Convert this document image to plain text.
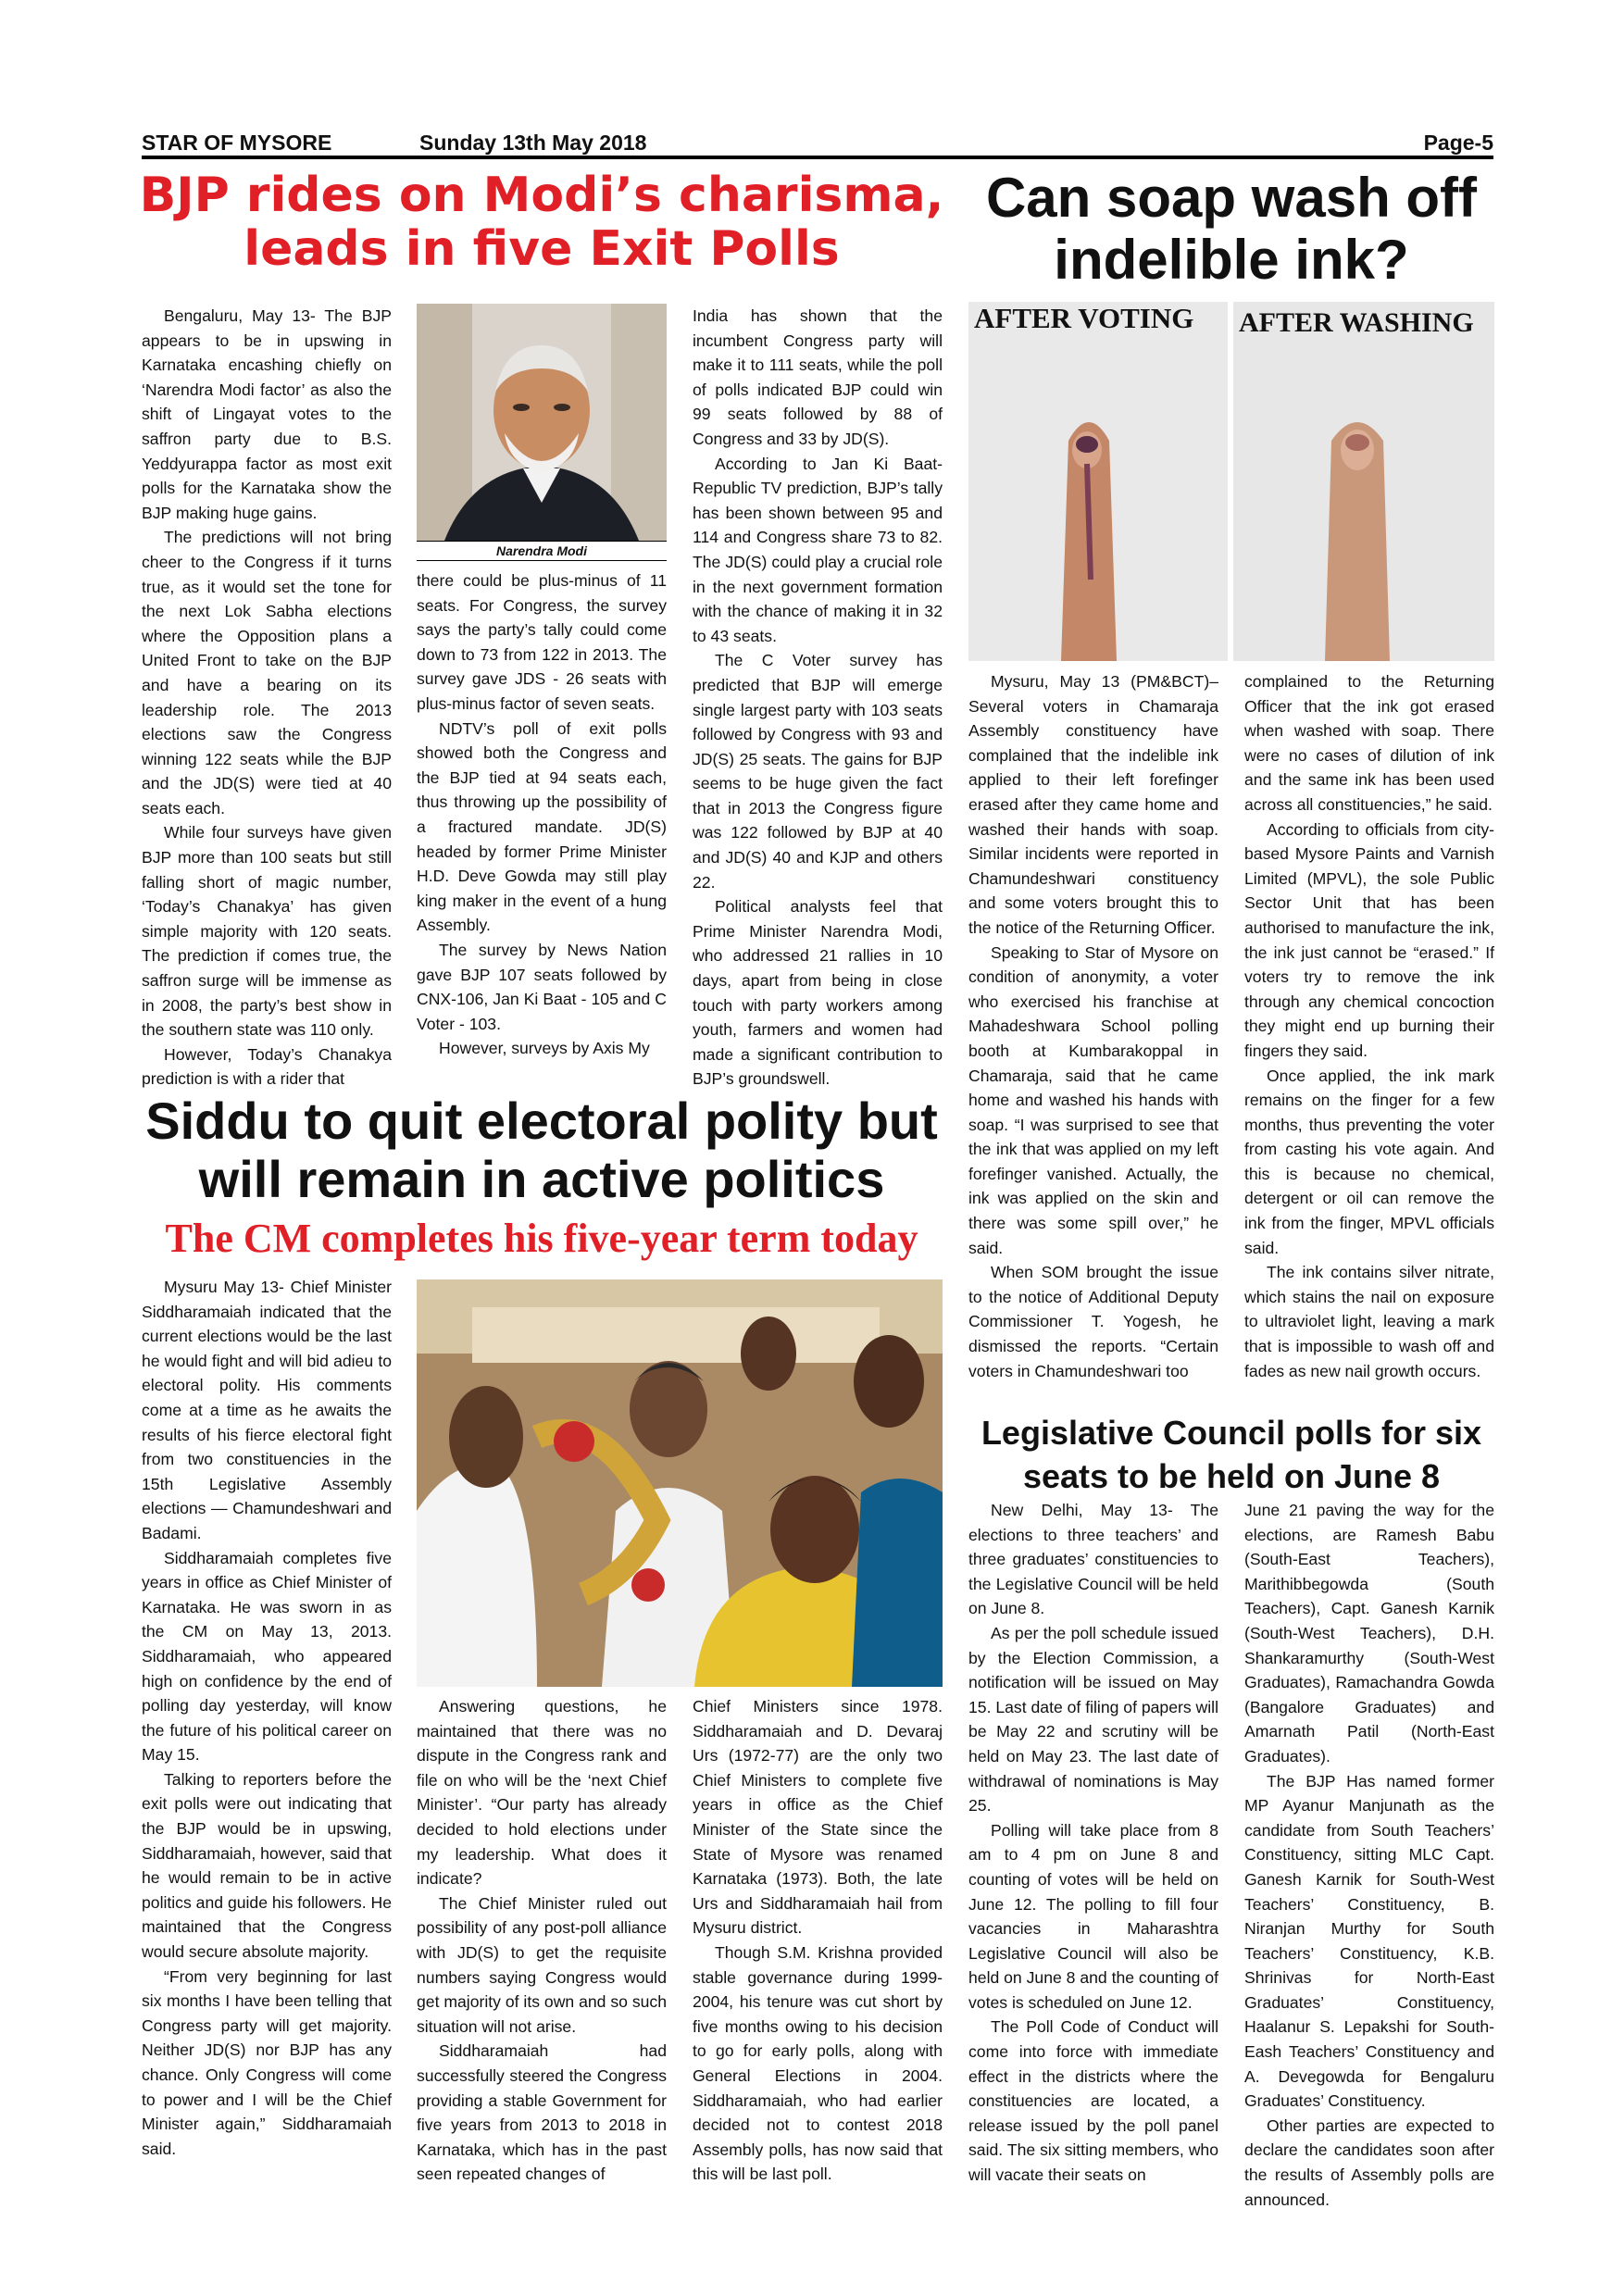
STAR OF MYSORE	Sunday 13th May 2018	Page-5
BJP rides on Modi’s charisma,
leads in five Exit Polls
Can soap wash off
indelible ink?

Bengaluru, May 13- The BJP appears to be in upswing in Karnataka encashing chiefly on ‘Narendra Modi factor’ as also the shift of Lingayat votes to the saffron party due to B.S. Yeddyurappa factor as most exit polls for the Karnataka show the BJP making huge gains.

The predictions will not bring cheer to the Congress if it turns true, as it would set the tone for the next Lok Sabha elections where the Opposition plans a United Front to take on the BJP and have a bearing on its leadership role. The 2013 elections saw the Congress winning 122 seats while the BJP and the JD(S) were tied at 40 seats each.

While four surveys have given BJP more than 100 seats but still falling short of magic number, ‘Today’s Chanakya’ has given simple majority with 120 seats. The prediction if comes true, the saffron surge will be immense as in 2008, the party’s best show in the southern state was 110 only.

However, Today’s Chanakya prediction is with a rider that

Narendra Modi

there could be plus-minus of 11 seats. For Congress, the survey says the party’s tally could come down to 73 from 122 in 2013. The survey gave JDS - 26 seats with plus-minus factor of seven seats.

NDTV’s poll of exit polls showed both the Congress and the BJP tied at 94 seats each, thus throwing up the possibility of a fractured mandate. JD(S) headed by former Prime Minister H.D. Deve Gowda may still play king maker in the event of a hung Assembly.

The survey by News Nation gave BJP 107 seats followed by CNX-106, Jan Ki Baat - 105 and C Voter - 103.

However, surveys by Axis My

India has shown that the incumbent Congress party will make it to 111 seats, while the poll of polls indicated BJP could win 99 seats followed by 88 of Congress and 33 by JD(S).

According to Jan Ki Baat-Republic TV prediction, BJP’s tally has been shown between 95 and 114 and Congress share 73 to 82. The JD(S) could play a crucial role in the next government formation with the chance of making it in 32 to 43 seats.

The C Voter survey has predicted that BJP will emerge single largest party with 103 seats followed by Congress with 93 and JD(S) 25 seats. The gains for BJP seems to be huge given the fact that in 2013 the Congress figure was 122 followed by BJP at 40 and JD(S) 40 and KJP and others 22.

Political analysts feel that Prime Minister Narendra Modi, who addressed 21 rallies in 10 days, apart from being in close touch with party workers among youth, farmers and women had made a significant contribution to BJP’s groundswell.

AFTER VOTING AFTER WASHING

Mysuru, May 13 (PM&BCT)– Several voters in Chamaraja Assembly constituency have complained that the indelible ink applied to their left forefinger erased after they came home and washed their hands with soap. Similar incidents were reported in Chamundeshwari constituency and some voters brought this to the notice of the Returning Officer.

Speaking to Star of Mysore on condition of anonymity, a voter who exercised his franchise at Mahadeshwara School polling booth at Kumbarakoppal in Chamaraja, said that he came home and washed his hands with soap. “I was surprised to see that the ink that was applied on my left forefinger vanished. Actually, the ink was applied on the skin and there was some spill over,” he said.

When SOM brought the issue to the notice of Additional Deputy Commissioner T. Yogesh, he dismissed the reports. “Certain voters in Chamundeshwari too

complained to the Returning Officer that the ink got erased when washed with soap. There were no cases of dilution of ink and the same ink has been used across all constituencies,” he said.

According to officials from city-based Mysore Paints and Varnish Limited (MPVL), the sole Public Sector Unit that has been authorised to manufacture the ink, the ink just cannot be “erased.” If voters try to remove the ink through any chemical concoction they might end up burning their fingers they said.

Once applied, the ink mark remains on the finger for a few months, thus preventing the voter from casting his vote again. And this is because no chemical, detergent or oil can remove the ink from the finger, MPVL officials said.

The ink contains silver nitrate, which stains the nail on exposure to ultraviolet light, leaving a mark that is impossible to wash off and fades as new nail growth occurs.

Siddu to quit electoral polity but
will remain in active politics
The CM completes his five-year term today

Mysuru May 13- Chief Minister Siddharamaiah indicated that the current elections would be the last he would fight and will bid adieu to electoral polity. His comments come at a time as he awaits the results of his fierce electoral fight from two constituencies in the 15th Legislative Assembly elections — Chamundeshwari and Badami.

Siddharamaiah completes five years in office as Chief Minister of Karnataka. He was sworn in as the CM on May 13, 2013. Siddharamaiah, who appeared high on confidence by the end of polling day yesterday, will know the future of his political career on May 15.

Talking to reporters before the exit polls were out indicating that the BJP would be in upswing, Siddharamaiah, however, said that he would remain to be in active politics and guide his followers. He maintained that the Congress would secure absolute majority.

“From very beginning for last six months I have been telling that Congress party will get majority. Neither JD(S) nor BJP has any chance. Only Congress will come to power and I will be the Chief Minister again,” Siddharamaiah said.

Answering questions, he maintained that there was no dispute in the Congress rank and file on who will be the ‘next Chief Minister’. “Our party has already decided to hold elections under my leadership. What does it indicate?

The Chief Minister ruled out possibility of any post-poll alliance with JD(S) to get the requisite numbers saying Congress would get majority of its own and so such situation will not arise.

Siddharamaiah had successfully steered the Congress providing a stable Government for five years from 2013 to 2018 in Karnataka, which has in the past seen repeated changes of

Chief Ministers since 1978. Siddharamaiah and D. Devaraj Urs (1972-77) are the only two Chief Ministers to complete five years in office as the Chief Minister of the State since the State of Mysore was renamed Karnataka (1973). Both, the late Urs and Siddharamaiah hail from Mysuru district.

Though S.M. Krishna provided stable governance during 1999-2004, his tenure was cut short by five months owing to his decision to go for early polls, along with General Elections in 2004. Siddharamaiah, who had earlier decided not to contest 2018 Assembly polls, has now said that this will be last poll.

Legislative Council polls for six
seats to be held on June 8

New Delhi, May 13- The elections to three teachers’ and three graduates’ constituencies to the Legislative Council will be held on June 8.

As per the poll schedule issued by the Election Commission, a notification will be issued on May 15. Last date of filing of papers will be May 22 and scrutiny will be held on May 23. The last date of withdrawal of nominations is May 25.

Polling will take place from 8 am to 4 pm on June 8 and counting of votes will be held on June 12. The polling to fill four vacancies in Maharashtra Legislative Council will also be held on June 8 and the counting of votes is scheduled on June 12.

The Poll Code of Conduct will come into force with immediate effect in the districts where the constituencies are located, a release issued by the poll panel said. The six sitting members, who will vacate their seats on

June 21 paving the way for the elections, are Ramesh Babu (South-East Teachers), Marithibbegowda (South Teachers), Capt. Ganesh Karnik (South-West Teachers), D.H. Shankaramurthy (South-West Graduates), Ramachandra Gowda (Bangalore Graduates) and Amarnath Patil (North-East Graduates).

The BJP Has named former MP Ayanur Manjunath as the candidate from South Teachers’ Constituency, sitting MLC Capt. Ganesh Karnik for South-West Teachers’ Constituency, B. Niranjan Murthy for South Teachers’ Constituency, K.B. Shrinivas for North-East Graduates’ Constituency, Haalanur S. Lepakshi for South-Eash Teachers’ Constituency and A. Devegowda for Bengaluru Graduates’ Constituency.

Other parties are expected to declare the candidates soon after the results of Assembly polls are announced.
